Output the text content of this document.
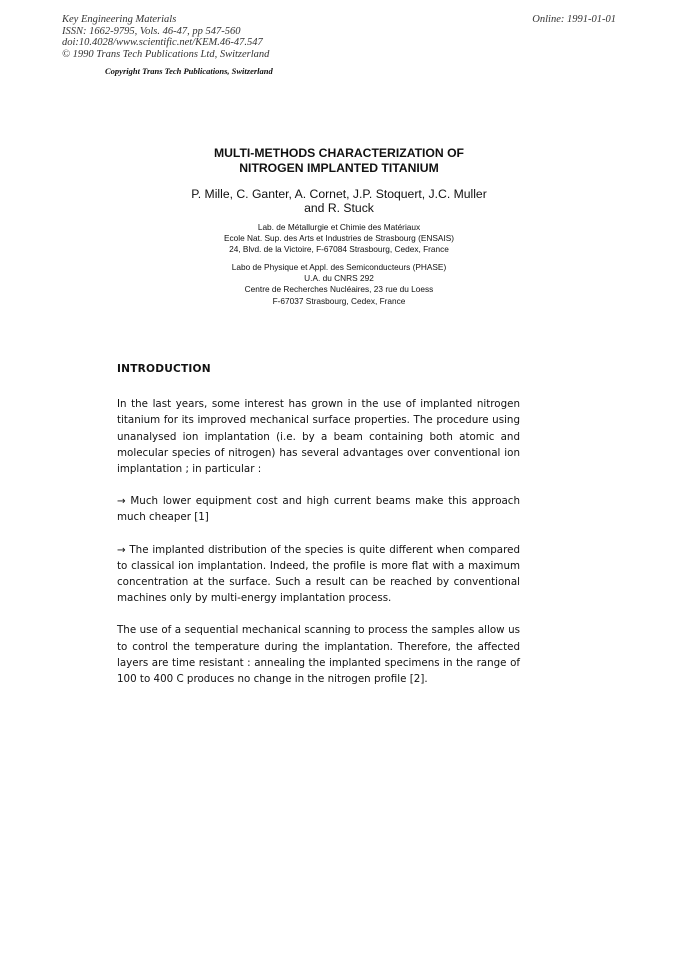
Key Engineering Materials
ISSN: 1662-9795, Vols. 46-47, pp 547-560
doi:10.4028/www.scientific.net/KEM.46-47.547
© 1990 Trans Tech Publications Ltd, Switzerland
Online: 1991-01-01
Copyright Trans Tech Publications, Switzerland
MULTI-METHODS CHARACTERIZATION OF
NITROGEN IMPLANTED TITANIUM
P. Mille, C. Ganter, A. Cornet, J.P. Stoquert, J.C. Muller
and R. Stuck
Lab. de Métallurgie et Chimie des Matériaux
Ecole Nat. Sup. des Arts et Industries de Strasbourg (ENSAIS)
24, Blvd. de la Victoire, F-67084 Strasbourg, Cedex, France
Labo de Physique et Appl. des Semiconducteurs (PHASE)
U.A. du CNRS 292
Centre de Recherches Nucléaires, 23 rue du Loess
F-67037 Strasbourg, Cedex, France

INTRODUCTION

In the last years, some interest has grown in the use of implanted nitrogen titanium for its improved mechanical surface properties. The procedure using unanalysed ion implantation (i.e. by a beam containing both atomic and molecular species of nitrogen) has several advantages over conventional ion implantation ; in particular :

→ Much lower equipment cost and high current beams make this approach much cheaper [1]

→ The implanted distribution of the species is quite different when compared to classical ion implantation. Indeed, the profile is more flat with a maximum concentration at the surface. Such a result can be reached by conventional machines only by multi-energy implantation process.

The use of a sequential mechanical scanning to process the samples allow us to control the temperature during the implantation. Therefore, the affected layers are time resistant : annealing the implanted specimens in the range of 100 to 400 C produces no change in the nitrogen profile [2].
